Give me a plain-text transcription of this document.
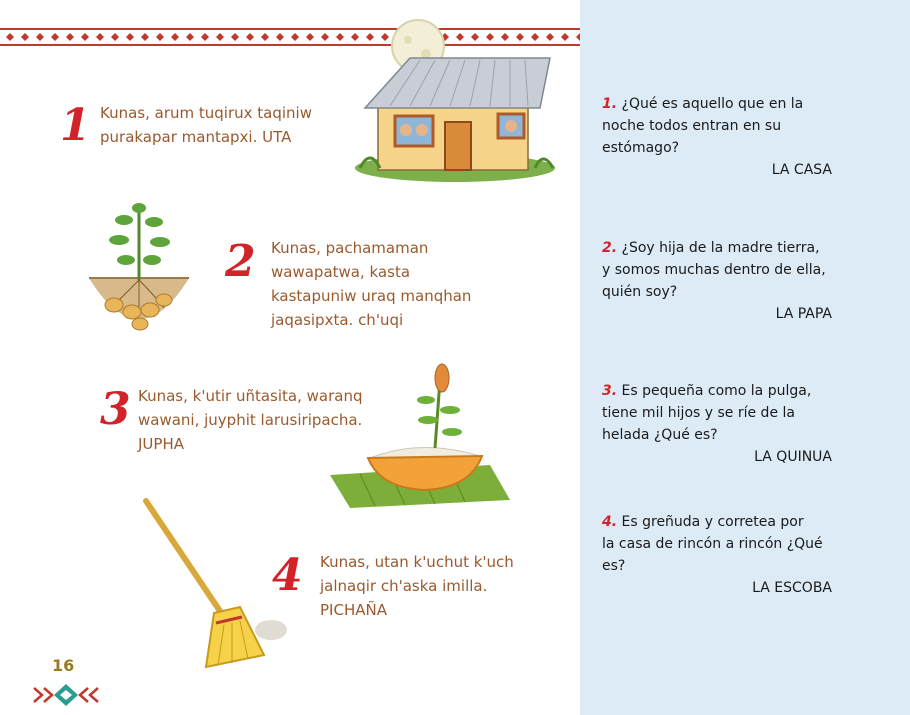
1 Kunas, arum tuqirux taqiniw
purakapar mantapxi. UTA
2 Kunas, pachamaman
wawapatwa, kasta
kastapuniw uraq manqhan
jaqasipxta. ch'uqi
3 Kunas, k'utir uñtasita, waranq
wawani, juyphit larusiripacha.
JUPHA
4 Kunas, utan k'uchut k'uch
jalnaqir ch'aska imilla.
PICHAÑA
1. ¿Qué es aquello que en la
noche todos entran en su
estómago?
LA CASA
2. ¿Soy hija de la madre tierra,
y somos muchas dentro de ella,
quién soy?
LA PAPA
3. Es pequeña como la pulga,
tiene mil hijos y se ríe de la
helada ¿Qué es?
LA QUINUA
4. Es greñuda y corretea por
la casa de rincón a rincón ¿Qué
es?
LA ESCOBA
16
